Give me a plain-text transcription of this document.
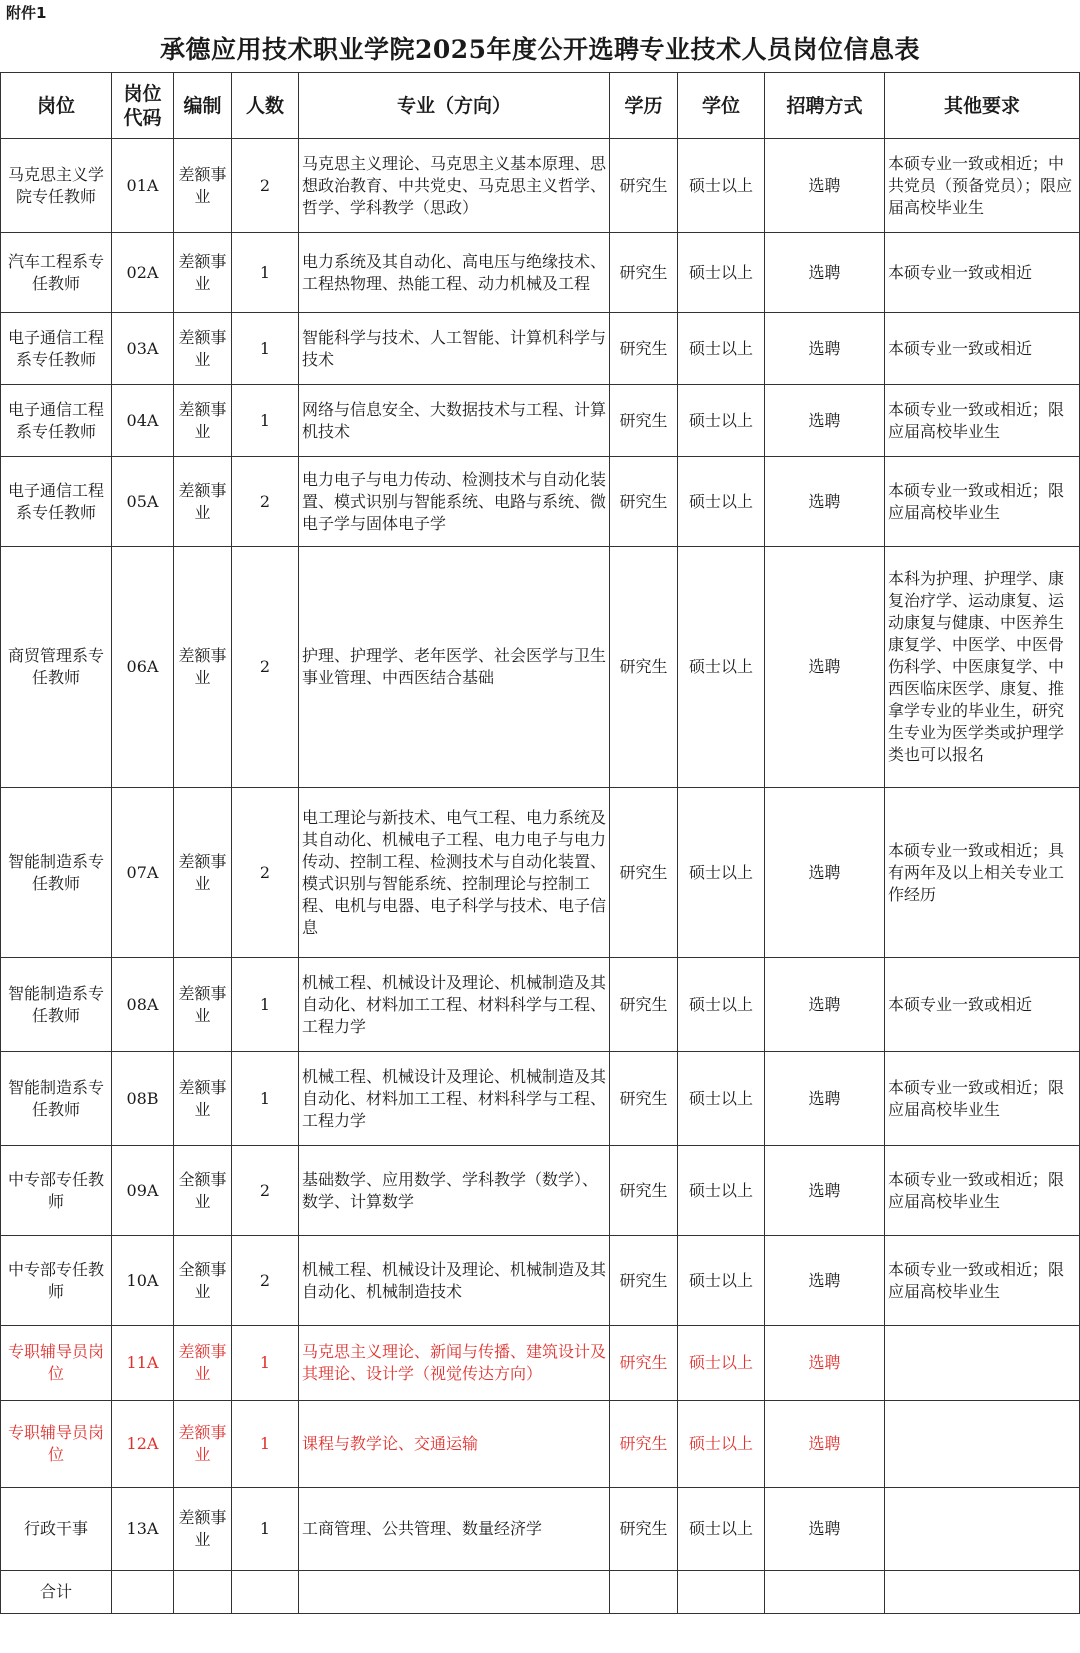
附件1
承德应用技术职业学院2025年度公开选聘专业技术人员岗位信息表
岗位	岗位代码	编制	人数	专业（方向）	学历	学位	招聘方式	其他要求
马克思主义学院专任教师	01A	差额事业	2	马克思主义理论、马克思主义基本原理、思想政治教育、中共党史、马克思主义哲学、哲学、学科教学（思政）	研究生	硕士以上	选聘	本硕专业一致或相近；中共党员（预备党员）；限应届高校毕业生
汽车工程系专任教师	02A	差额事业	1	电力系统及其自动化、高电压与绝缘技术、工程热物理、热能工程、动力机械及工程	研究生	硕士以上	选聘	本硕专业一致或相近
电子通信工程系专任教师	03A	差额事业	1	智能科学与技术、人工智能、计算机科学与技术	研究生	硕士以上	选聘	本硕专业一致或相近
电子通信工程系专任教师	04A	差额事业	1	网络与信息安全、大数据技术与工程、计算机技术	研究生	硕士以上	选聘	本硕专业一致或相近；限应届高校毕业生
电子通信工程系专任教师	05A	差额事业	2	电力电子与电力传动、检测技术与自动化装置、模式识别与智能系统、电路与系统、微电子学与固体电子学	研究生	硕士以上	选聘	本硕专业一致或相近；限应届高校毕业生
商贸管理系专任教师	06A	差额事业	2	护理、护理学、老年医学、社会医学与卫生事业管理、中西医结合基础	研究生	硕士以上	选聘	本科为护理、护理学、康复治疗学、运动康复、运动康复与健康、中医养生康复学、中医学、中医骨伤科学、中医康复学、中西医临床医学、康复、推拿学专业的毕业生，研究生专业为医学类或护理学类也可以报名
智能制造系专任教师	07A	差额事业	2	电工理论与新技术、电气工程、电力系统及其自动化、机械电子工程、电力电子与电力传动、控制工程、检测技术与自动化装置、模式识别与智能系统、控制理论与控制工程、电机与电器、电子科学与技术、电子信息	研究生	硕士以上	选聘	本硕专业一致或相近；具有两年及以上相关专业工作经历
智能制造系专任教师	08A	差额事业	1	机械工程、机械设计及理论、机械制造及其自动化、材料加工工程、材料科学与工程、工程力学	研究生	硕士以上	选聘	本硕专业一致或相近
智能制造系专任教师	08B	差额事业	1	机械工程、机械设计及理论、机械制造及其自动化、材料加工工程、材料科学与工程、工程力学	研究生	硕士以上	选聘	本硕专业一致或相近；限应届高校毕业生
中专部专任教师	09A	全额事业	2	基础数学、应用数学、学科教学（数学）、数学、计算数学	研究生	硕士以上	选聘	本硕专业一致或相近；限应届高校毕业生
中专部专任教师	10A	全额事业	2	机械工程、机械设计及理论、机械制造及其自动化、机械制造技术	研究生	硕士以上	选聘	本硕专业一致或相近；限应届高校毕业生
专职辅导员岗位	11A	差额事业	1	马克思主义理论、新闻与传播、建筑设计及其理论、设计学（视觉传达方向）	研究生	硕士以上	选聘	
专职辅导员岗位	12A	差额事业	1	课程与教学论、交通运输	研究生	硕士以上	选聘	
行政干事	13A	差额事业	1	工商管理、公共管理、数量经济学	研究生	硕士以上	选聘	
合计								
